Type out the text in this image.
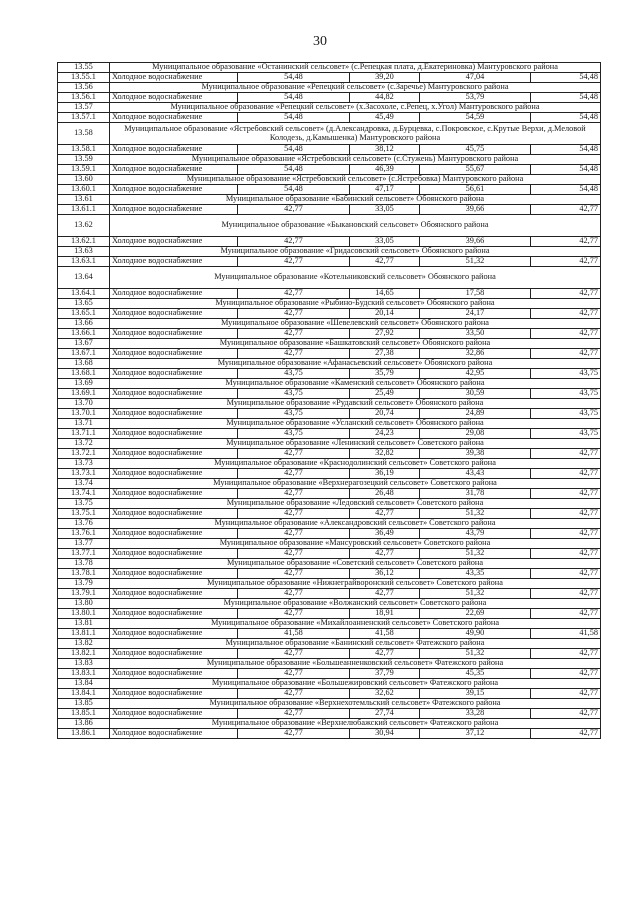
30
13.55	Муниципальное образование «Останинский сельсовет» (с.Репецкая плата, д.Екатериновка) Мантуровского района				
13.55.1	Холодное водоснабжение	54,48	39,20	47,04	54,48
13.56	Муниципальное образование «Репецкий сельсовет» (с.Заречье) Мантуровского района				
13.56.1	Холодное водоснабжение	54,48	44,82	53,79	54,48
13.57	Муниципальное образование «Репецкий сельсовет» (х.Засохоле, с.Репец, х.Угол) Мантуровского района				
13.57.1	Холодное водоснабжение	54,48	45,49	54,59	54,48
13.58	Муниципальное образование «Ястребовский сельсовет» (д.Александровка, д.Бурцевка, с.Покровское, с.Крутые Верхи, д.Меловой Колодезь, д.Камышенка) Мантуровского района				
13.58.1	Холодное водоснабжение	54,48	38,12	45,75	54,48
13.59	Муниципальное образование «Ястребовский сельсовет» (с.Стужень) Мантуровского района				
13.59.1	Холодное водоснабжение	54,48	46,39	55,67	54,48
13.60	Муниципальное образование «Ястребовский сельсовет» (с.Ястребовка) Мантуровского района				
13.60.1	Холодное водоснабжение	54,48	47,17	56,61	54,48
13.61	Муниципальное образование «Бабинский сельсовет» Обоянского района				
13.61.1	Холодное водоснабжение	42,77	33,05	39,66	42,77
13.62	Муниципальное образование «Быкановский сельсовет» Обоянского района				
13.62.1	Холодное водоснабжение	42,77	33,05	39,66	42,77
13.63	Муниципальное образование «Гридасовский сельсовет» Обоянского района				
13.63.1	Холодное водоснабжение	42,77	42,77	51,32	42,77
13.64	Муниципальное образование «Котельниковский сельсовет» Обоянского района				
13.64.1	Холодное водоснабжение	42,77	14,65	17,58	42,77
13.65	Муниципальное образование «Рыбино-Будский сельсовет» Обоянского района				
13.65.1	Холодное водоснабжение	42,77	20,14	24,17	42,77
13.66	Муниципальное образование «Шевелевский сельсовет» Обоянского района				
13.66.1	Холодное водоснабжение	42,77	27,92	33,50	42,77
13.67	Муниципальное образование «Башкатовский сельсовет» Обоянского района				
13.67.1	Холодное водоснабжение	42,77	27,38	32,86	42,77
13.68	Муниципальное образование «Афанасьевский сельсовет» Обоянского района				
13.68.1	Холодное водоснабжение	43,75	35,79	42,95	43,75
13.69	Муниципальное образование «Каменский сельсовет» Обоянского района				
13.69.1	Холодное водоснабжение	43,75	25,49	30,59	43,75
13.70	Муниципальное образование «Рудавский сельсовет» Обоянского района				
13.70.1	Холодное водоснабжение	43,75	20,74	24,89	43,75
13.71	Муниципальное образование «Усланский сельсовет» Обоянского района				
13.71.1	Холодное водоснабжение	43,75	24,23	29,08	43,75
13.72	Муниципальное образование «Ленинский сельсовет» Советского района				
13.72.1	Холодное водоснабжение	42,77	32,82	39,38	42,77
13.73	Муниципальное образование «Краснодолинский сельсовет» Советского района				
13.73.1	Холодное водоснабжение	42,77	36,19	43,43	42,77
13.74	Муниципальное образование «Верхнерагозецкий сельсовет» Советского района				
13.74.1	Холодное водоснабжение	42,77	26,48	31,78	42,77
13.75	Муниципальное образование «Ледовский сельсовет» Советского района				
13.75.1	Холодное водоснабжение	42,77	42,77	51,32	42,77
13.76	Муниципальное образование «Александровский сельсовет» Советского района				
13.76.1	Холодное водоснабжение	42,77	36,49	43,79	42,77
13.77	Муниципальное образование «Мансуровский сельсовет» Советского района				
13.77.1	Холодное водоснабжение	42,77	42,77	51,32	42,77
13.78	Муниципальное образование «Советский сельсовет» Советского района				
13.78.1	Холодное водоснабжение	42,77	36,12	43,35	42,77
13.79	Муниципальное образование «Нижнеграйворонский сельсовет» Советского района				
13.79.1	Холодное водоснабжение	42,77	42,77	51,32	42,77
13.80	Муниципальное образование «Волжанский сельсовет» Советского района				
13.80.1	Холодное водоснабжение	42,77	18,91	22,69	42,77
13.81	Муниципальное образование «Михайлоанненский сельсовет» Советского района				
13.81.1	Холодное водоснабжение	41,58	41,58	49,90	41,58
13.82	Муниципальное образование «Банинский сельсовет» Фатежского района				
13.82.1	Холодное водоснабжение	42,77	42,77	51,32	42,77
13.83	Муниципальное образование «Большеанненковский сельсовет» Фатежского района				
13.83.1	Холодное водоснабжение	42,77	37,79	45,35	42,77
13.84	Муниципальное образование «Большежировский сельсовет» Фатежского района				
13.84.1	Холодное водоснабжение	42,77	32,62	39,15	42,77
13.85	Муниципальное образование «Верхнехотемльский сельсовет» Фатежского района				
13.85.1	Холодное водоснабжение	42,77	27,74	33,28	42,77
13.86	Муниципальное образование «Верхнелюбажский сельсовет» Фатежского района				
13.86.1	Холодное водоснабжение	42,77	30,94	37,12	42,77
